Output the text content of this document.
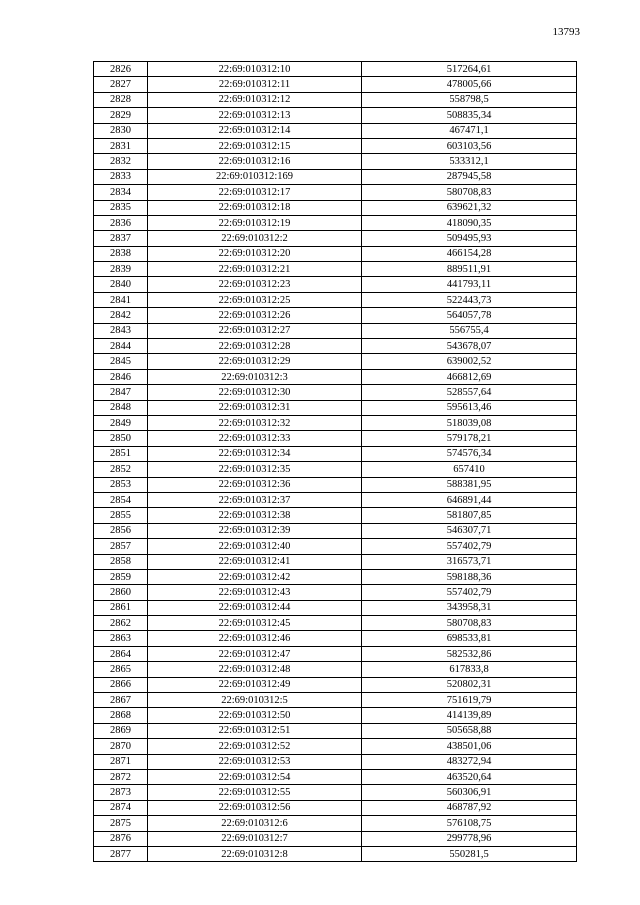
13793
2826	22:69:010312:10	517264,61
2827	22:69:010312:11	478005,66
2828	22:69:010312:12	558798,5
2829	22:69:010312:13	508835,34
2830	22:69:010312:14	467471,1
2831	22:69:010312:15	603103,56
2832	22:69:010312:16	533312,1
2833	22:69:010312:169	287945,58
2834	22:69:010312:17	580708,83
2835	22:69:010312:18	639621,32
2836	22:69:010312:19	418090,35
2837	22:69:010312:2	509495,93
2838	22:69:010312:20	466154,28
2839	22:69:010312:21	889511,91
2840	22:69:010312:23	441793,11
2841	22:69:010312:25	522443,73
2842	22:69:010312:26	564057,78
2843	22:69:010312:27	556755,4
2844	22:69:010312:28	543678,07
2845	22:69:010312:29	639002,52
2846	22:69:010312:3	466812,69
2847	22:69:010312:30	528557,64
2848	22:69:010312:31	595613,46
2849	22:69:010312:32	518039,08
2850	22:69:010312:33	579178,21
2851	22:69:010312:34	574576,34
2852	22:69:010312:35	657410
2853	22:69:010312:36	588381,95
2854	22:69:010312:37	646891,44
2855	22:69:010312:38	581807,85
2856	22:69:010312:39	546307,71
2857	22:69:010312:40	557402,79
2858	22:69:010312:41	316573,71
2859	22:69:010312:42	598188,36
2860	22:69:010312:43	557402,79
2861	22:69:010312:44	343958,31
2862	22:69:010312:45	580708,83
2863	22:69:010312:46	698533,81
2864	22:69:010312:47	582532,86
2865	22:69:010312:48	617833,8
2866	22:69:010312:49	520802,31
2867	22:69:010312:5	751619,79
2868	22:69:010312:50	414139,89
2869	22:69:010312:51	505658,88
2870	22:69:010312:52	438501,06
2871	22:69:010312:53	483272,94
2872	22:69:010312:54	463520,64
2873	22:69:010312:55	560306,91
2874	22:69:010312:56	468787,92
2875	22:69:010312:6	576108,75
2876	22:69:010312:7	299778,96
2877	22:69:010312:8	550281,5
